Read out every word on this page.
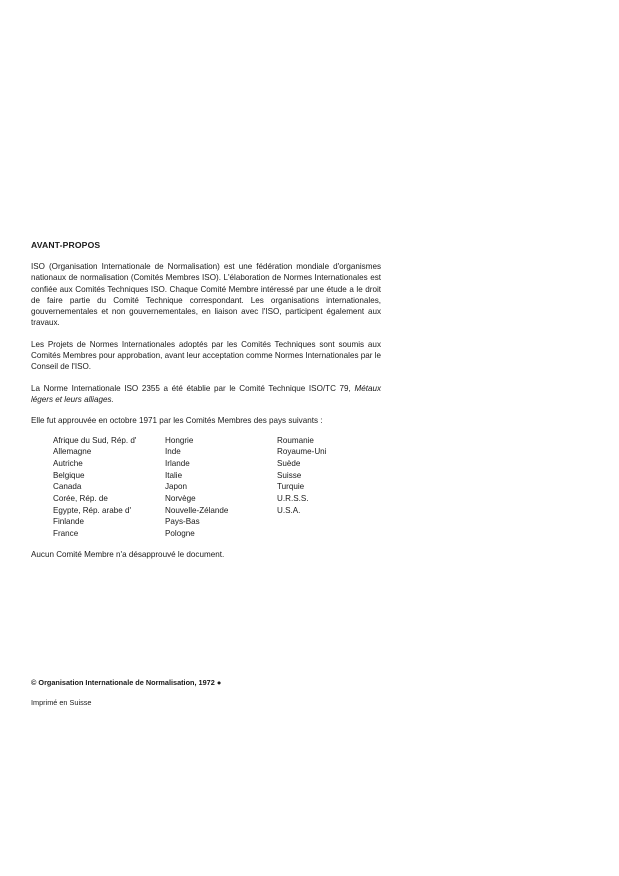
AVANT-PROPOS

ISO (Organisation Internationale de Normalisation) est une fédération mondiale d'organismes nationaux de normalisation (Comités Membres ISO). L'élaboration de Normes Internationales est confiée aux Comités Techniques ISO. Chaque Comité Membre intéressé par une étude a le droit de faire partie du Comité Technique correspondant. Les organisations internationales, gouvernementales et non gouvernementales, en liaison avec l'ISO, participent également aux travaux.

Les Projets de Normes Internationales adoptés par les Comités Techniques sont soumis aux Comités Membres pour approbation, avant leur acceptation comme Normes Internationales par le Conseil de l'ISO.

La Norme Internationale ISO 2355 a été établie par le Comité Technique ISO/TC 79, Métaux légers et leurs alliages.

Elle fut approuvée en octobre 1971 par les Comités Membres des pays suivants :

Afrique du Sud, Rép. d'
Allemagne
Autriche
Belgique
Canada
Corée, Rép. de
Egypte, Rép. arabe d'
Finlande
France
Hongrie
Inde
Irlande
Italie
Japon
Norvège
Nouvelle-Zélande
Pays-Bas
Pologne
Roumanie
Royaume-Uni
Suède
Suisse
Turquie
U.R.S.S.
U.S.A.

Aucun Comité Membre n'a désapprouvé le document.

© Organisation Internationale de Normalisation, 1972 ●
Imprimé en Suisse
